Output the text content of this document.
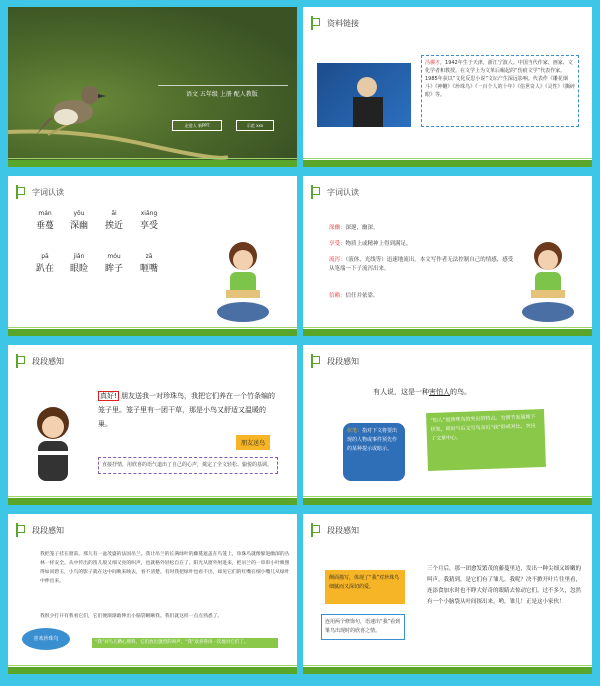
语文 五年级 上册 配人教版
走进人 新PPT	示范 xxx
资料链接
冯骥才，1942年生于天津，浙江宁波人。中国当代作家、画家、文化学者和教授。在文学上为文革后崛起的“伤痕文学”代表作家。1985年获以“文化反思小说”文坛产生深远影响。代表作《雕花烟斗》《神鞭》《珍珠鸟》《一百个人的十年》《俗世奇人》《灵性》《撕碎眼》等。
字词认读
mán
垂蔓
yōu
深幽
āi
挨近
xiǎng
享受
pā
趴在
jiǎn
眼睑
móu
眸子
zā
咂嘴
字词认读
深幽：深邃，幽深。
享受：物质上或精神上得到满足。
流泻：（液体、光线等）迅速地流出。本文写作者无法控制自己的情感，感受从笔端一下子流泻出来。
信赖：信任并依靠。
段段感知
真好! 朋友送我一对珍珠鸟，我把它们养在一个竹条编的笼子里。笼子里有一团干草，那是小鸟又舒适又温暖的巢。
朋友送鸟
直接抒情，用欣喜的语气道出了自己的心声，奠定了全文轻松、愉悦的基调。
段段感知
有人说，这是一种害怕人的鸟。
伏笔：指对下文将要出现的人物或事件预先作的某种提示或暗示。
“怕人”是珍珠鸟的突出的特点。为情节发展埋下伏笔，同时与后文写鸟亲近“我”形成对比，突出了文章中心。
段段感知
我把笼子挂在窗前。那儿有一盆茂盛的法国吊兰。我让吊兰的长满绿叶的藤蔓遮盖在鸟笼上，珍珠鸟就像躲进幽深的丛林一样安全。从中传出的笛儿般又细又亮的叫声，也就格外轻松自在了。阳光从窗外射进来，把吊兰的一串串小叶映照得如同碧玉，小鸟的影子就在这中间映来映去，看不清楚。有时我把绿叶也看不出，却见它们的红嘴在细小嘴儿从绿叶中伸出来。
我很少打开有我看它们，它们便渐渐敢伸出小脑袋瞅瞅我。我们就这样一点点熟悉了。
喜欢珍珠鸟
“我”对鸟儿精心照料，它们放出强烈的叫声，“我”欢喜得再一次地对它们了。
段段感知
侧面描写，体现了“我”对珍珠鸟细腻而又深切的爱。
连用两个修饰句，语速出“我”看到雏鸟出现时的欣喜之情。
三个月后，那一团愈发繁茂的藤蔓里边，发出一种尖细又娇嫩的叫声。我猜到，是它们有了雏儿。我呢？决不掀开叶片往里看，连添食加水时也不睁大好奇的眼睛去惊动它们。过不多久，忽然有一个小脑袋从叶间探出来。哟，雏儿！正是这小家伙！
